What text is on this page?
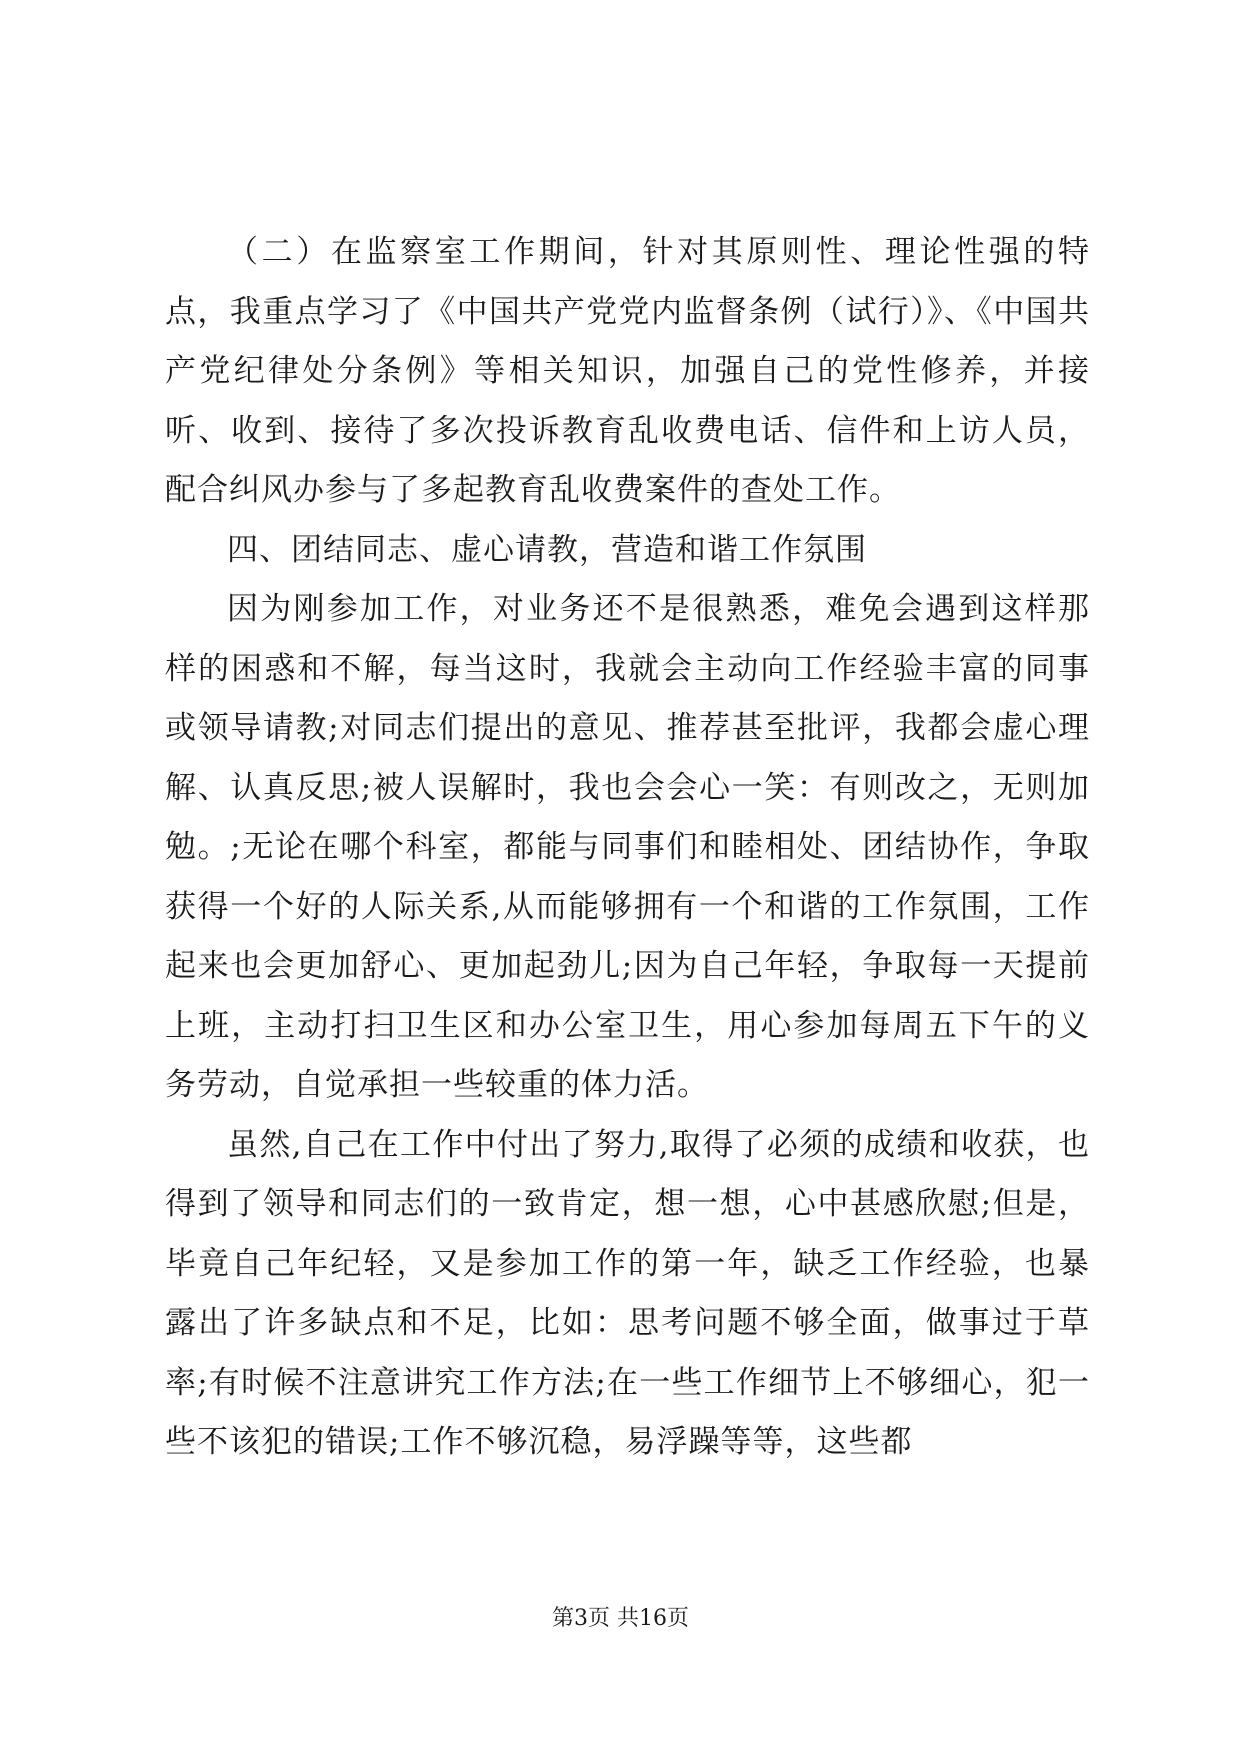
（二）在监察室工作期间，针对其原则性、理论性强的特点，我重点学习了《中国共产党党内监督条例（试行）》、《中国共产党纪律处分条例》等相关知识，加强自己的党性修养，并接听、收到、接待了多次投诉教育乱收费电话、信件和上访人员，配合纠风办参与了多起教育乱收费案件的查处工作。

四、团结同志、虚心请教，营造和谐工作氛围

因为刚参加工作，对业务还不是很熟悉，难免会遇到这样那样的困惑和不解，每当这时，我就会主动向工作经验丰富的同事或领导请教;对同志们提出的意见、推荐甚至批评，我都会虚心理解、认真反思;被人误解时，我也会会心一笑：有则改之，无则加勉。;无论在哪个科室，都能与同事们和睦相处、团结协作，争取获得一个好的人际关系,从而能够拥有一个和谐的工作氛围，工作起来也会更加舒心、更加起劲儿;因为自己年轻，争取每一天提前上班，主动打扫卫生区和办公室卫生，用心参加每周五下午的义务劳动，自觉承担一些较重的体力活。

虽然,自己在工作中付出了努力,取得了必须的成绩和收获，也得到了领导和同志们的一致肯定，想一想，心中甚感欣慰;但是，毕竟自己年纪轻，又是参加工作的第一年，缺乏工作经验，也暴露出了许多缺点和不足，比如：思考问题不够全面，做事过于草率;有时候不注意讲究工作方法;在一些工作细节上不够细心，犯一些不该犯的错误;工作不够沉稳，易浮躁等等，这些都

第3页 共16页
